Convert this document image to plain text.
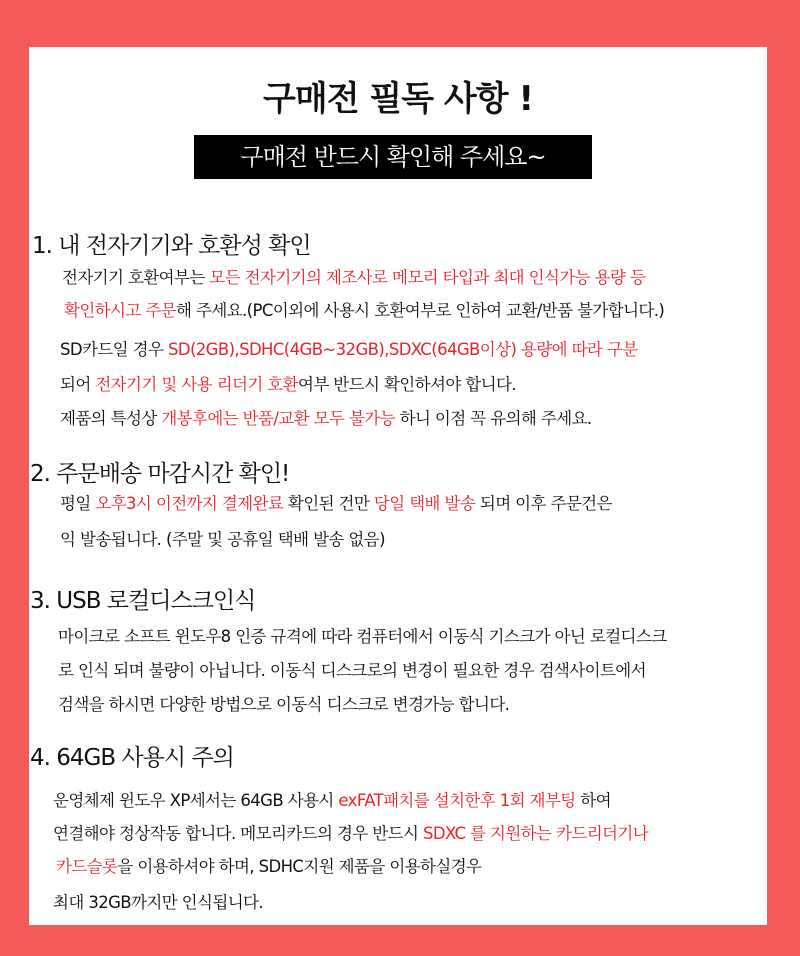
구매전 필독 사항 !
구매전 반드시 확인해 주세요~
1. 내 전자기기와 호환성 확인
전자기기 호환여부는 모든 전자기기의 제조사로 메모리 타입과 최대 인식가능 용량 등
확인하시고 주문해 주세요.(PC이외에 사용시 호환여부로 인하여 교환/반품 불가합니다.)
SD카드일 경우 SD(2GB),SDHC(4GB~32GB),SDXC(64GB이상) 용량에 따라 구분
되어 전자기기 및 사용 리더기 호환여부 반드시 확인하셔야 합니다.
제품의 특성상 개봉후에는 반품/교환 모두 불가능 하니 이점 꼭 유의해 주세요.
2. 주문배송 마감시간 확인!
평일 오후3시 이전까지 결제완료 확인된 건만 당일 택배 발송 되며 이후 주문건은
익 발송됩니다. (주말 및 공휴일 택배 발송 없음)
3. USB 로컬디스크인식
마이크로 소프트 윈도우8 인증 규격에 따라 컴퓨터에서 이동식 기스크가 아닌 로컬디스크
로 인식 되며 불량이 아닙니다. 이동식 디스크로의 변경이 필요한 경우 검색사이트에서
검색을 하시면 다양한 방법으로 이동식 디스크로 변경가능 합니다.
4. 64GB 사용시 주의
운영체제 윈도우 XP세서는 64GB 사용시 exFAT패치를 설치한후 1회 재부팅 하여
연결해야 정상작동 합니다. 메모리카드의 경우 반드시 SDXC 를 지원하는 카드리더기나
카드슬롯을 이용하셔야 하며, SDHC지원 제품을 이용하실경우
최대 32GB까지만 인식됩니다.
